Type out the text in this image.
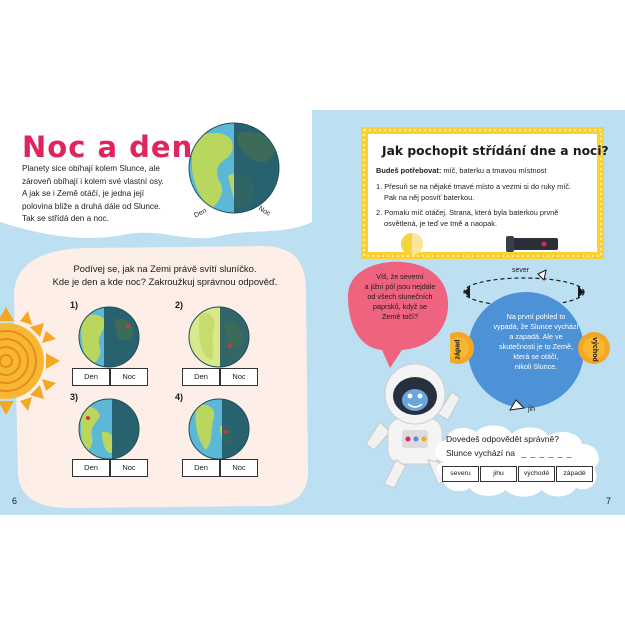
Noc a den
Planety sice obíhají kolem Slunce, ale
zároveň obíhají i kolem své vlastní osy.
A jak se i Země otáčí, je jedna její
polovina blíže a druhá dále od Slunce.
Tak se střídá den a noc.	Den	Noc
Podívej se, jak na Zemi právě svítí sluníčko.
Kde je den a kde noc? Zakroužkuj správnou odpověď.
1)	2)
3)	4)
Den	Noc	Den	Noc
Den	Noc	Den	Noc
6
Jak pochopit střídání dne a noci?
Budeš potřebovat: míč, baterku a tmavou místnost
1. Přesuň se na nějaké tmavé místo a vezmi si do ruky míč.
Pak na něj posvíť baterkou.
2. Pomalu míč otáčej. Strana, která byla baterkou prvně
osvětlená, je teď ve tmě a naopak.
Víš, že severní
a jižní pól jsou nejdále
od všech slunečních
paprsků, když se
Země točí?
sever
jih
západ	východ
Na první pohled to
vypadá, že Slunce vychází
a zapadá. Ale ve
skutečnosti je to Země,
která se otáčí,
nikoli Slunce.
Dovedeš odpovědět správně?
Slunce vychází na _ _ _ _ _ _
severu	jihu	východě	západě
7
